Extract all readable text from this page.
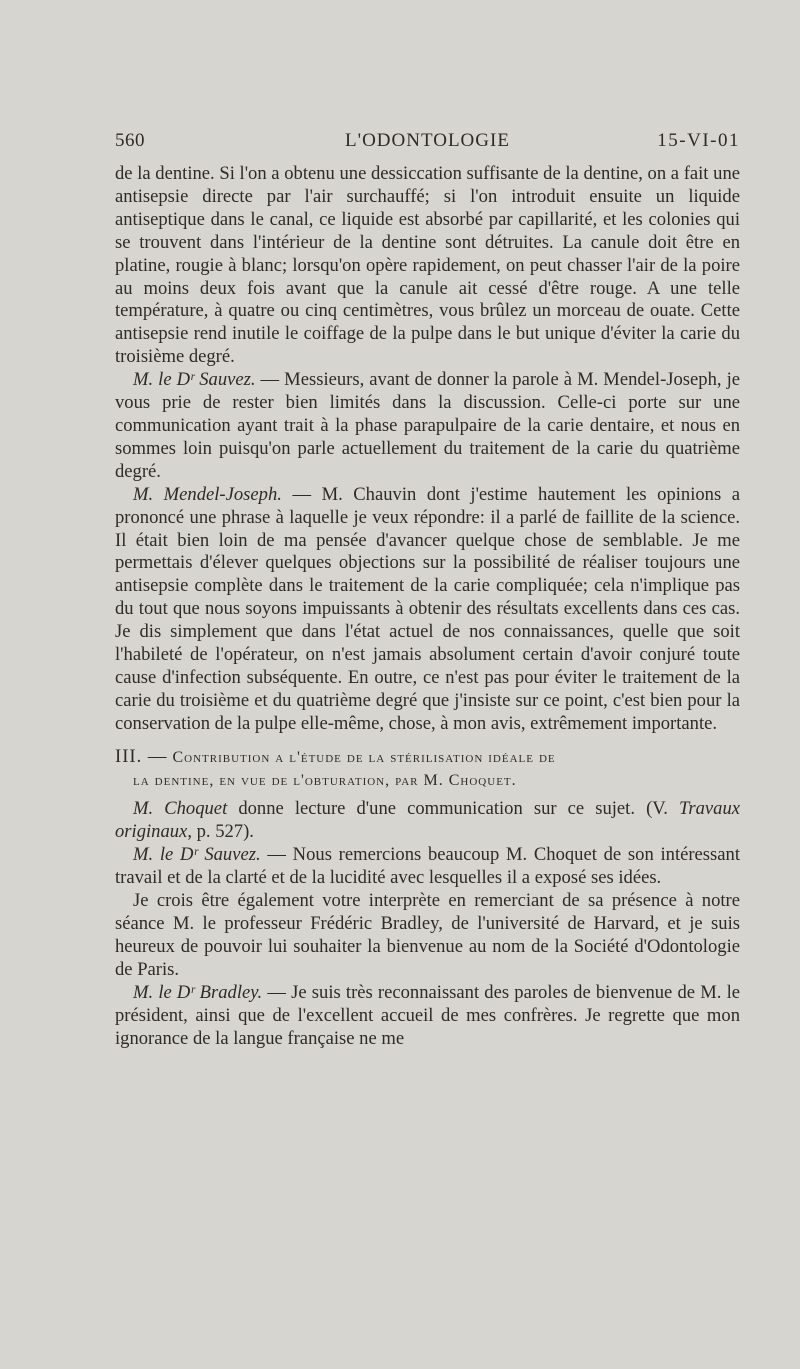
560	L'ODONTOLOGIE	15-VI-01

de la dentine. Si l'on a obtenu une dessiccation suffisante de la dentine, on a fait une antisepsie directe par l'air surchauffé; si l'on introduit ensuite un liquide antiseptique dans le canal, ce liquide est absorbé par capillarité, et les colonies qui se trouvent dans l'intérieur de la dentine sont détruites. La canule doit être en platine, rougie à blanc; lorsqu'on opère rapidement, on peut chasser l'air de la poire au moins deux fois avant que la canule ait cessé d'être rouge. A une telle température, à quatre ou cinq centimètres, vous brûlez un morceau de ouate. Cette antisepsie rend inutile le coiffage de la pulpe dans le but unique d'éviter la carie du troisième degré.

M. le Dʳ Sauvez. — Messieurs, avant de donner la parole à M. Mendel-Joseph, je vous prie de rester bien limités dans la discussion. Celle-ci porte sur une communication ayant trait à la phase parapulpaire de la carie dentaire, et nous en sommes loin puisqu'on parle actuellement du traitement de la carie du quatrième degré.

M. Mendel-Joseph. — M. Chauvin dont j'estime hautement les opinions a prononcé une phrase à laquelle je veux répondre: il a parlé de faillite de la science. Il était bien loin de ma pensée d'avancer quelque chose de semblable. Je me permettais d'élever quelques objections sur la possibilité de réaliser toujours une antisepsie complète dans le traitement de la carie compliquée; cela n'implique pas du tout que nous soyons impuissants à obtenir des résultats excellents dans ces cas. Je dis simplement que dans l'état actuel de nos connaissances, quelle que soit l'habileté de l'opérateur, on n'est jamais absolument certain d'avoir conjuré toute cause d'infection subséquente. En outre, ce n'est pas pour éviter le traitement de la carie du troisième et du quatrième degré que j'insiste sur ce point, c'est bien pour la conservation de la pulpe elle-même, chose, à mon avis, extrêmement importante.

III. — Contribution a l'étude de la stérilisation idéale de
la dentine, en vue de l'obturation, par M. Choquet.

M. Choquet donne lecture d'une communication sur ce sujet. (V. Travaux originaux, p. 527).

M. le Dʳ Sauvez. — Nous remercions beaucoup M. Choquet de son intéressant travail et de la clarté et de la lucidité avec lesquelles il a exposé ses idées.

Je crois être également votre interprète en remerciant de sa présence à notre séance M. le professeur Frédéric Bradley, de l'université de Harvard, et je suis heureux de pouvoir lui souhaiter la bienvenue au nom de la Société d'Odontologie de Paris.

M. le Dʳ Bradley. — Je suis très reconnaissant des paroles de bienvenue de M. le président, ainsi que de l'excellent accueil de mes confrères. Je regrette que mon ignorance de la langue française ne me
